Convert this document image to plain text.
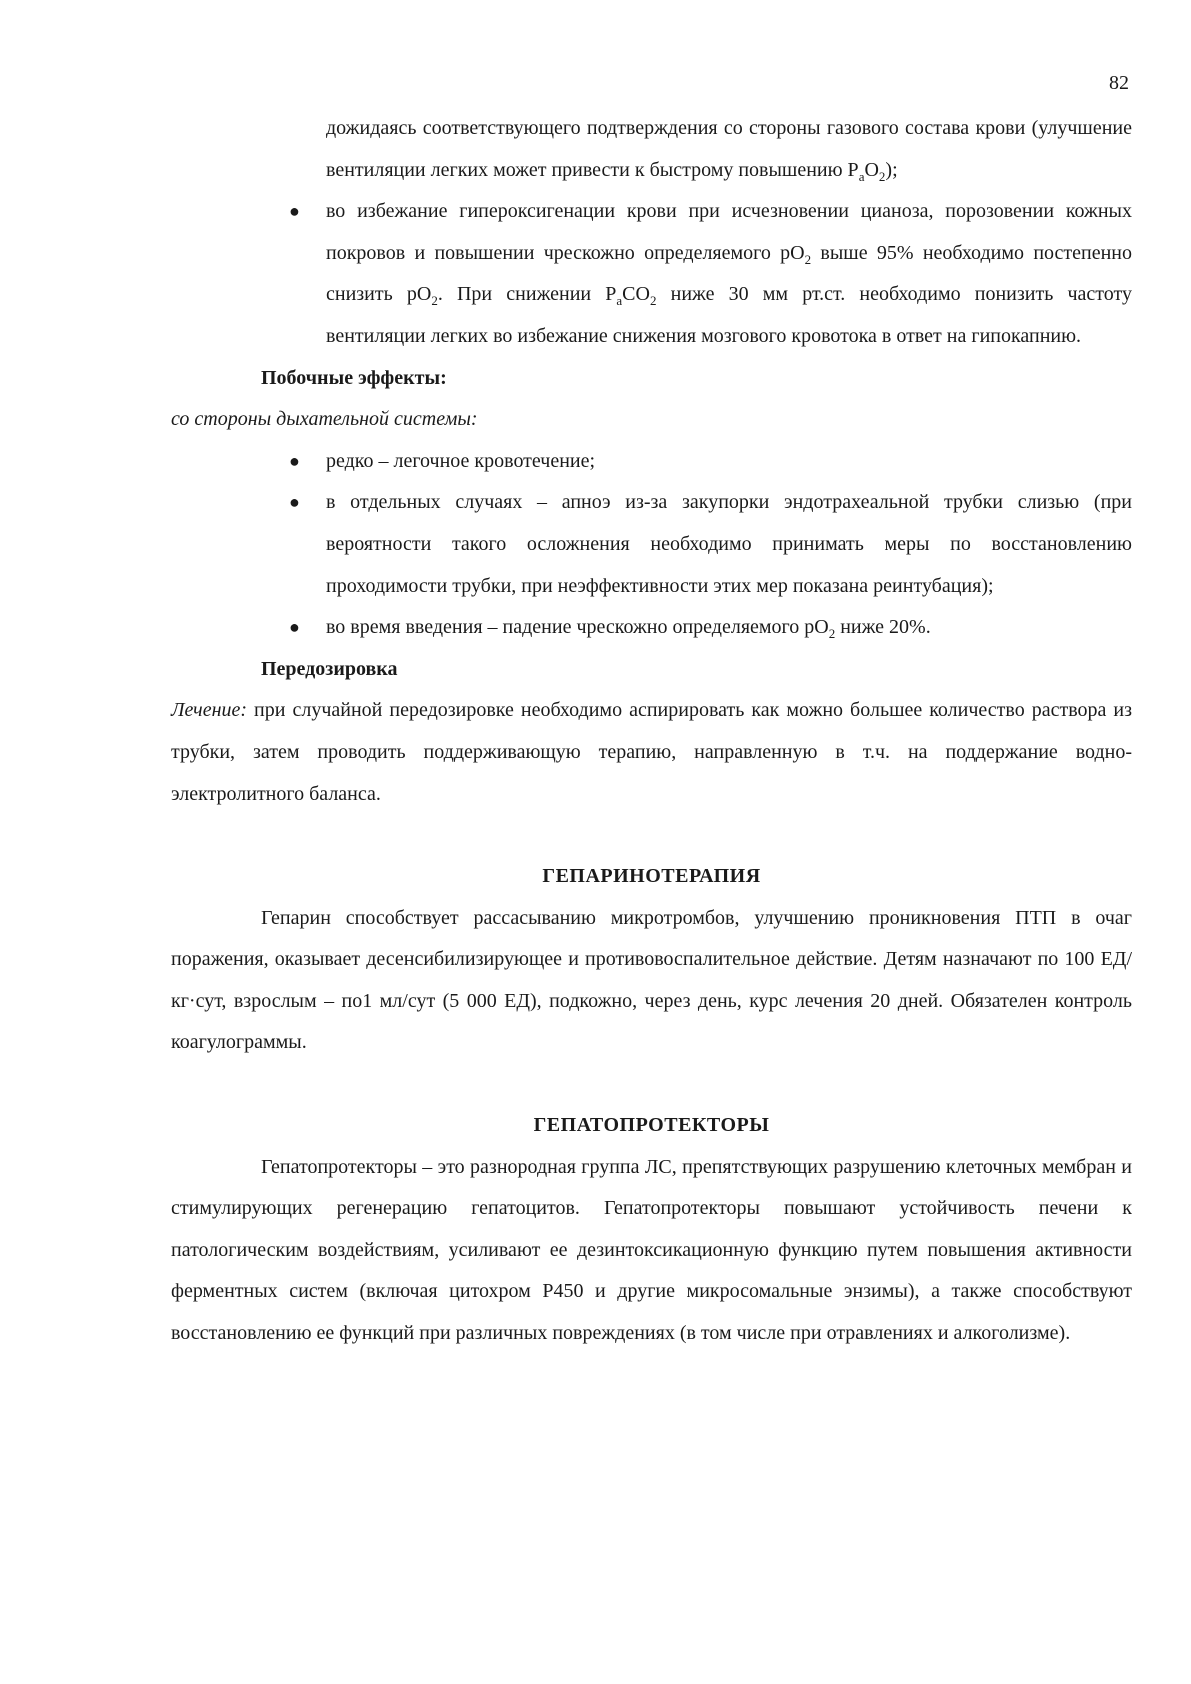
82
дожидаясь соответствующего подтверждения со стороны газового состава крови (улучшение вентиляции легких может привести к быстрому повышению $P_aO_2$);
● во избежание гипероксигенации крови при исчезновении цианоза, порозовении кожных покровов и повышении чрескожно определяемого $pO_2$ выше 95% необходимо постепенно снизить $pO_2$. При снижении $P_aCO_2$ ниже 30 мм рт.ст. необходимо понизить частоту вентиляции легких во избежание снижения мозгового кровотока в ответ на гипокапнию.
Побочные эффекты:
со стороны дыхательной системы:
● редко – легочное кровотечение;
● в отдельных случаях – апноэ из-за закупорки эндотрахеальной трубки слизью (при вероятности такого осложнения необходимо принимать меры по восстановлению проходимости трубки, при неэффективности этих мер показана реинтубация);
● во время введения – падение чрескожно определяемого $pO_2$ ниже 20%.
Передозировка
Лечение: при случайной передозировке необходимо аспирировать как можно большее количество раствора из трубки, затем проводить поддерживающую терапию, направленную в т.ч. на поддержание водно-электролитного баланса.
ГЕПАРИНОТЕРАПИЯ

Гепарин способствует рассасыванию микротромбов, улучшению проникновения ПТП в очаг поражения, оказывает десенсибилизирующее и противовоспалительное действие. Детям назначают по 100 ЕД/кг·сут, взрослым – по1 мл/сут (5 000 ЕД), подкожно, через день, курс лечения 20 дней. Обязателен контроль коагулограммы.

ГЕПАТОПРОТЕКТОРЫ

Гепатопротекторы – это разнородная группа ЛС, препятствующих разрушению клеточных мембран и стимулирующих регенерацию гепатоцитов. Гепатопротекторы повышают устойчивость печени к патологическим воздействиям, усиливают ее дезинтоксикационную функцию путем повышения активности ферментных систем (включая цитохром P450 и другие микросомальные энзимы), а также способствуют восстановлению ее функций при различных повреждениях (в том числе при отравлениях и алкоголизме).
